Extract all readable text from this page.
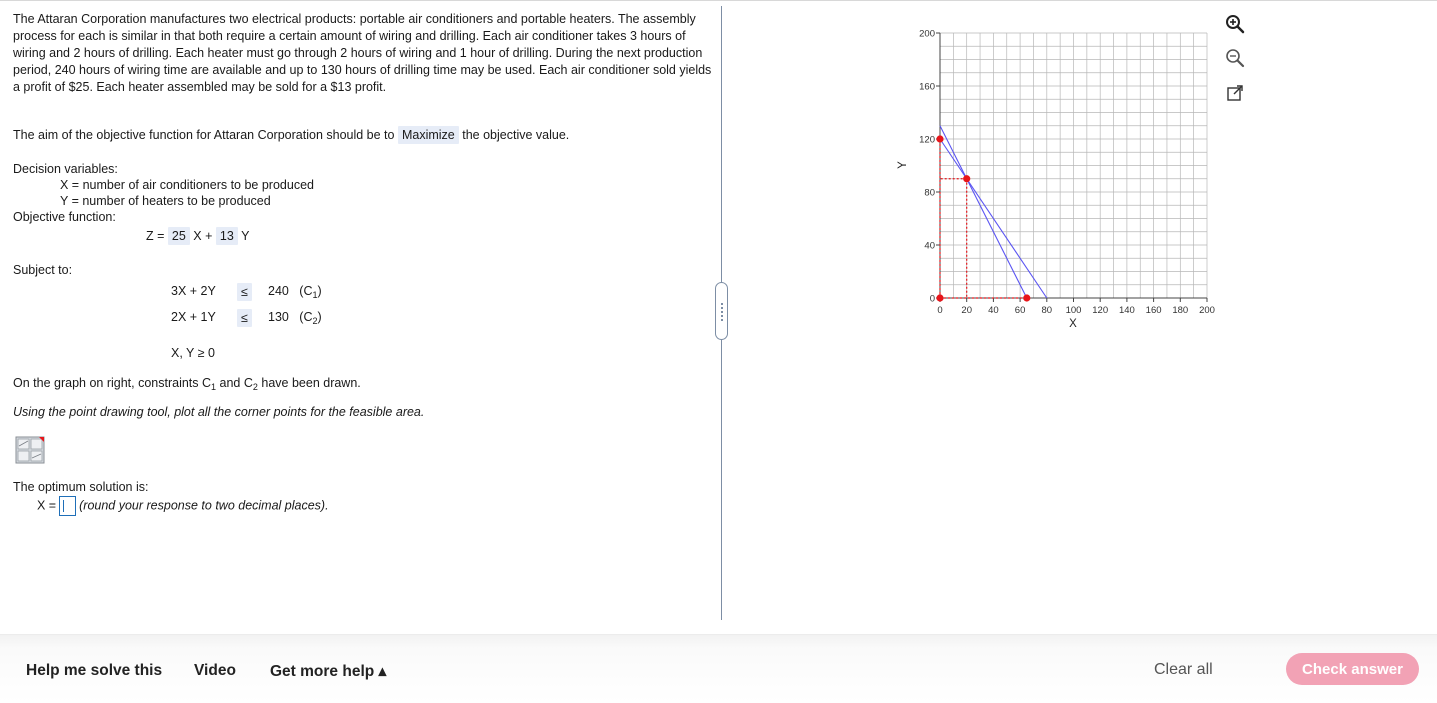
The Attaran Corporation manufactures two electrical products: portable air conditioners and portable heaters. The assembly process for each is similar in that both require a certain amount of wiring and drilling. Each air conditioner takes 3 hours of wiring and 2 hours of drilling. Each heater must go through 2 hours of wiring and 1 hour of drilling. During the next production period, 240 hours of wiring time are available and up to 130 hours of drilling time may be used. Each air conditioner sold yields a profit of $25. Each heater assembled may be sold for a $13 profit.
The aim of the objective function for Attaran Corporation should be to Maximize the objective value.
Decision variables:
X = number of air conditioners to be produced
Y = number of heaters to be produced
Objective function:
Z = 25 X + 13 Y
Subject to:
3X + 2Y	≤	240 $(C_1)$
2X + 1Y	≤	130 $(C_2)$
X, Y ≥ 0
On the graph on right, constraints $C_1$ and $C_2$ have been drawn.
Using the point drawing tool, plot all the corner points for the feasible area.
The optimum solution is:
X = (round your response to two decimal places).
0 20 40 60 80 100 120 140 160 180 200
0
40
80
120
160
200
X
Y
Help me solve this Video Get more help ▴	Clear all	Check answer
